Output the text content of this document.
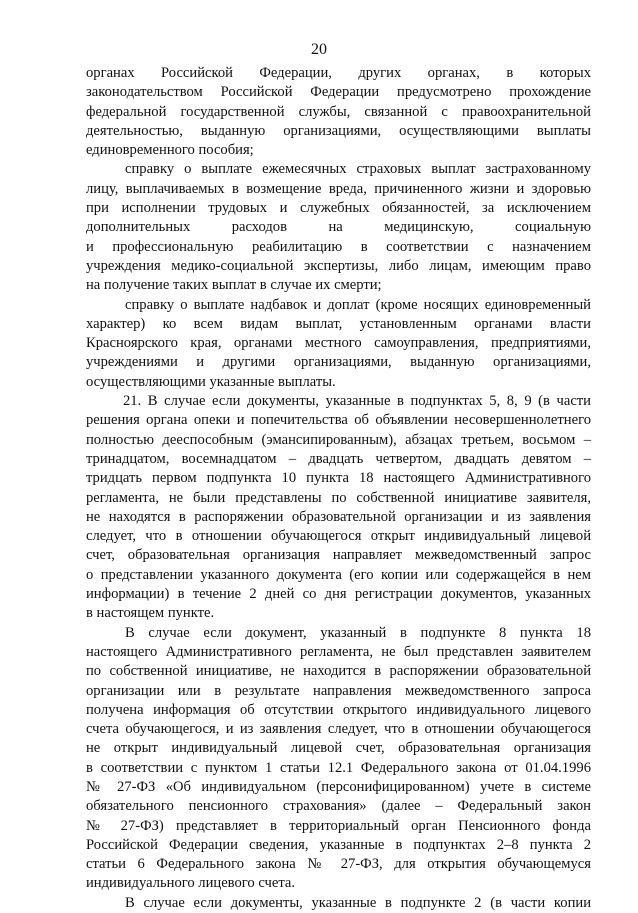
20
органах Российской Федерации, других органах, в которых
законодательством Российской Федерации предусмотрено прохождение
федеральной государственной службы, связанной с правоохранительной
деятельностью, выданную организациями, осуществляющими выплаты
единовременного пособия;
справку о выплате ежемесячных страховых выплат застрахованному
лицу, выплачиваемых в возмещение вреда, причиненного жизни и здоровью
при исполнении трудовых и служебных обязанностей, за исключением
дополнительных расходов на медицинскую, социальную
и профессиональную реабилитацию в соответствии с назначением
учреждения медико-социальной экспертизы, либо лицам, имеющим право
на получение таких выплат в случае их смерти;
справку о выплате надбавок и доплат (кроме носящих единовременный
характер) ко всем видам выплат, установленным органами власти
Красноярского края, органами местного самоуправления, предприятиями,
учреждениями и другими организациями, выданную организациями,
осуществляющими указанные выплаты.
21. В случае если документы, указанные в подпунктах 5, 8, 9 (в части
решения органа опеки и попечительства об объявлении несовершеннолетнего
полностью дееспособным (эмансипированным), абзацах третьем, восьмом –
тринадцатом, восемнадцатом – двадцать четвертом, двадцать девятом –
тридцать первом подпункта 10 пункта 18 настоящего Административного
регламента, не были представлены по собственной инициативе заявителя,
не находятся в распоряжении образовательной организации и из заявления
следует, что в отношении обучающегося открыт индивидуальный лицевой
счет, образовательная организация направляет межведомственный запрос
о представлении указанного документа (его копии или содержащейся в нем
информации) в течение 2 дней со дня регистрации документов, указанных
в настоящем пункте.
В случае если документ, указанный в подпункте 8 пункта 18
настоящего Административного регламента, не был представлен заявителем
по собственной инициативе, не находится в распоряжении образовательной
организации или в результате направления межведомственного запроса
получена информация об отсутствии открытого индивидуального лицевого
счета обучающегося, и из заявления следует, что в отношении обучающегося
не открыт индивидуальный лицевой счет, образовательная организация
в соответствии с пунктом 1 статьи 12.1 Федерального закона от 01.04.1996
№ 27-ФЗ «Об индивидуальном (персонифицированном) учете в системе
обязательного пенсионного страхования» (далее – Федеральный закон
№ 27-ФЗ) представляет в территориальный орган Пенсионного фонда
Российской Федерации сведения, указанные в подпунктах 2–8 пункта 2
статьи 6 Федерального закона № 27-ФЗ, для открытия обучающемуся
индивидуального лицевого счета.
В случае если документы, указанные в подпункте 2 (в части копии
